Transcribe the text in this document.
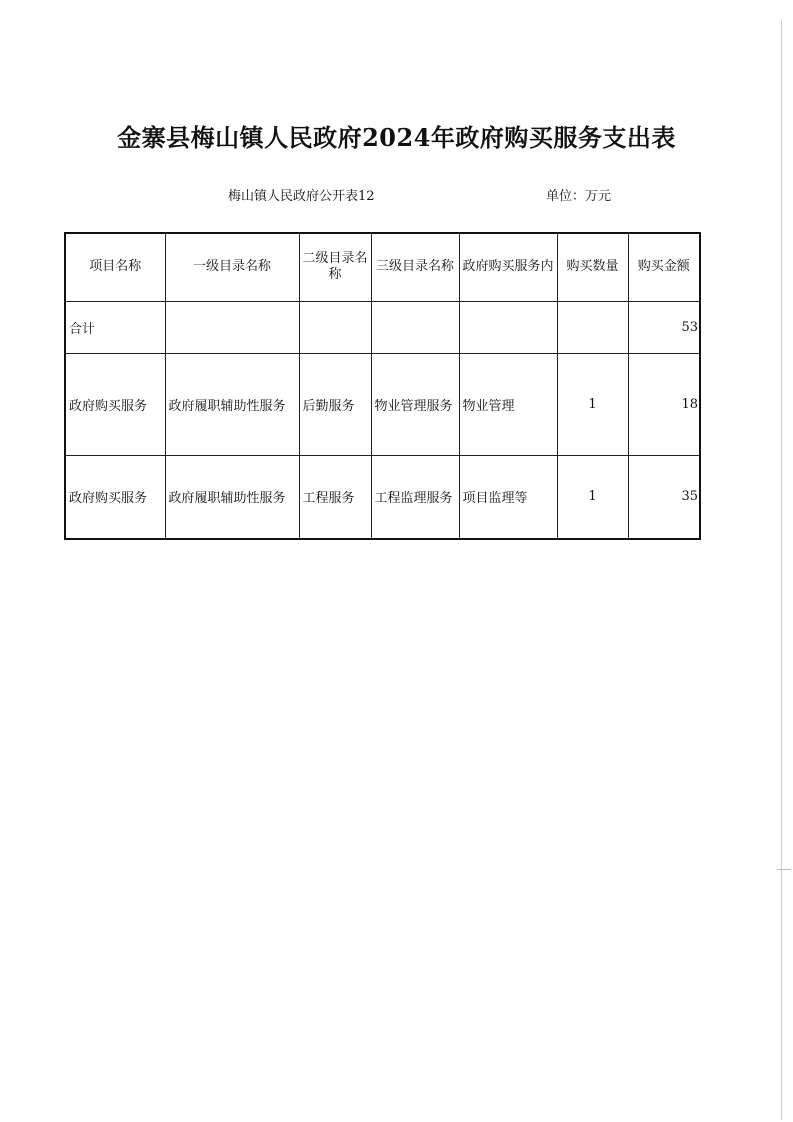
金寨县梅山镇人民政府2024年政府购买服务支出表
梅山镇人民政府公开表12	单位：万元
项目名称	一级目录名称	二级目录名称	三级目录名称	政府购买服务内	购买数量	购买金额
合计						53
政府购买服务	政府履职辅助性服务	后勤服务	物业管理服务	物业管理	1	18
政府购买服务	政府履职辅助性服务	工程服务	工程监理服务	项目监理等	1	35
